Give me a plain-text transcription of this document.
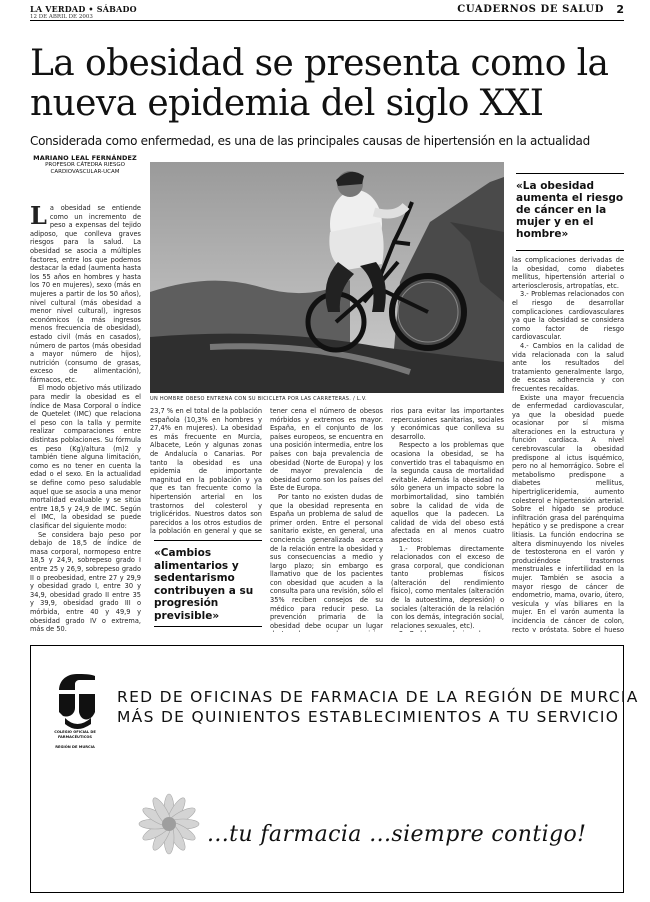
LA VERDAD • SÁBADO
12 DE ABRIL DE 2003
CUADERNOS DE SALUD 2
La obesidad se presenta como la nueva epidemia del siglo XXI
Considerada como enfermedad, es una de las principales causas de hipertensión en la actualidad
MARIANO LEAL FERNÁNDEZ
PROFESOR CÁTEDRA RIESGO CARDIOVASCULAR-UCAM
UN HOMBRE OBESO ENTRENA CON SU BICICLETA POR LAS CARRETERAS. / L.V.

La obesidad se entiende como un incremento de peso a expensas del tejido adiposo, que conlleva graves riesgos para la salud. La obesidad se asocia a múltiples factores, entre los que podemos destacar la edad (aumenta hasta los 55 años en hombres y hasta los 70 en mujeres), sexo (más en mujeres a partir de los 50 años), nivel cultural (más obesidad a menor nivel cultural), ingresos económicos (a más ingresos menos frecuencia de obesidad), estado civil (más en casados), número de partos (más obesidad a mayor número de hijos), nutrición (consumo de grasas, exceso de alimentación), fármacos, etc.

El modo objetivo más utilizado para medir la obesidad es el índice de Masa Corporal o índice de Quetelet (IMC) que relaciona el peso con la talla y permite realizar comparaciones entre distintas poblaciones. Su fórmula es peso (Kg)/altura (m)2 y también tiene alguna limitación, como es no tener en cuenta la edad o el sexo. En la actualidad se define como peso saludable aquel que se asocia a una menor mortalidad evaluable y se sitúa entre 18,5 y 24,9 de IMC. Según el IMC, la obesidad se puede clasificar del siguiente modo:

Se considera bajo peso por debajo de 18,5 de índice de masa corporal, normopeso entre 18,5 y 24,9, sobrepeso grado I entre 25 y 26,9, sobrepeso grado II o preobesidad, entre 27 y 29,9 y obesidad grado I, entre 30 y 34,9, obesidad grado II entre 35 y 39,9, obesidad grado III o mórbida, entre 40 y 49,9 y obesidad grado IV o extrema, más de 50.

23,7 % en el total de la población española (10,3% en hombres y 27,4% en mujeres). La obesidad es más frecuente en Murcia, Albacete, León y algunas zonas de Andalucía o Canarias. Por tanto la obesidad es una epidemia de importante magnitud en la población y ya que es tan frecuente como la hipertensión arterial en los trastornos del colesterol y triglicéridos. Nuestros datos son parecidos a los otros estudios de la población en general y que se

«Cambios alimentarios y sedentarismo contribuyen a su progresión previsible»

tener cena el número de obesos mórbidos y extremos es mayor. España, en el conjunto de los países europeos, se encuentra en una posición intermedia, entre los países con baja prevalencia de obesidad (Norte de Europa) y los de mayor prevalencia de obesidad como son los países del Este de Europa.

Por tanto no existen dudas de que la obesidad representa en España un problema de salud de primer orden. Entre el personal sanitario existe, en general, una conciencia generalizada acerca de la relación entre la obesidad y sus consecuencias a medio y largo plazo; sin embargo es llamativo que de los pacientes con obesidad que acuden a la consulta para una revisión, sólo el 35% reciben consejos de su médico para reducir peso. La prevención primaria de la obesidad debe ocupar un lugar

rios para evitar las importantes repercusiones sanitarias, sociales y económicas que conlleva su desarrollo.

Respecto a los problemas que ocasiona la obesidad, se ha convertido tras el tabaquismo en la segunda causa de mortalidad evitable. Además la obesidad no sólo genera un impacto sobre la morbimortalidad, sino también sobre la calidad de vida de aquellos que la padecen. La calidad de vida del obeso está afectada en al menos cuatro aspectos:

1.- Problemas directamente relacionados con el exceso de grasa corporal, que condicionan tanto problemas físicos (alteración del rendimiento físico), como mentales (alteración de la autoestima, depresión) o sociales (alteración de la relación con los demás, integración social, relaciones sexuales, etc).

«La obesidad aumenta el riesgo de cáncer en la mujer y en el hombre»

las complicaciones derivadas de la obesidad, como diabetes mellitus, hipertensión arterial o arteriosclerosis, artropatías, etc.

3.- Problemas relacionados con el riesgo de desarrollar complicaciones cardiovasculares ya que la obesidad se considera como factor de riesgo cardiovascular.

4.- Cambios en la calidad de vida relacionada con la salud ante los resultados del tratamiento generalmente largo, de escasa adherencia y con frecuentes recaídas.

Existe una mayor frecuencia de enfermedad cardiovascular, ya que la obesidad puede ocasionar por sí misma alteraciones en la estructura y función cardíaca. A nivel cerebrovascular la obesidad predispone al ictus isquémico, pero no al hemorrágico. Sobre el metabolismo predispone a diabetes mellitus, hipertrigliceridemia, aumento colesterol e hipertensión arterial. Sobre el hígado se produce infiltración grasa del parénquima hepático y se predispone a crear litiasis. La función endocrina se altera disminuyendo los niveles de testosterona en el varón y produciéndose trastornos menstruales e infertilidad en la mujer. También se asocia a mayor riesgo de cáncer de endometrio, mama, ovario, útero, vesícula y vías biliares en la mujer. En el varón aumenta la incidencia de cáncer de colon, recto y próstata. Sobre el hueso

COLEGIO OFICIAL DE FARMACÉUTICOS
REGIÓN DE MURCIA
RED DE OFICINAS DE FARMACIA DE LA REGIÓN DE MURCIA
MÁS DE QUINIENTOS ESTABLECIMIENTOS A TU SERVICIO
...tu farmacia ...siempre contigo!
